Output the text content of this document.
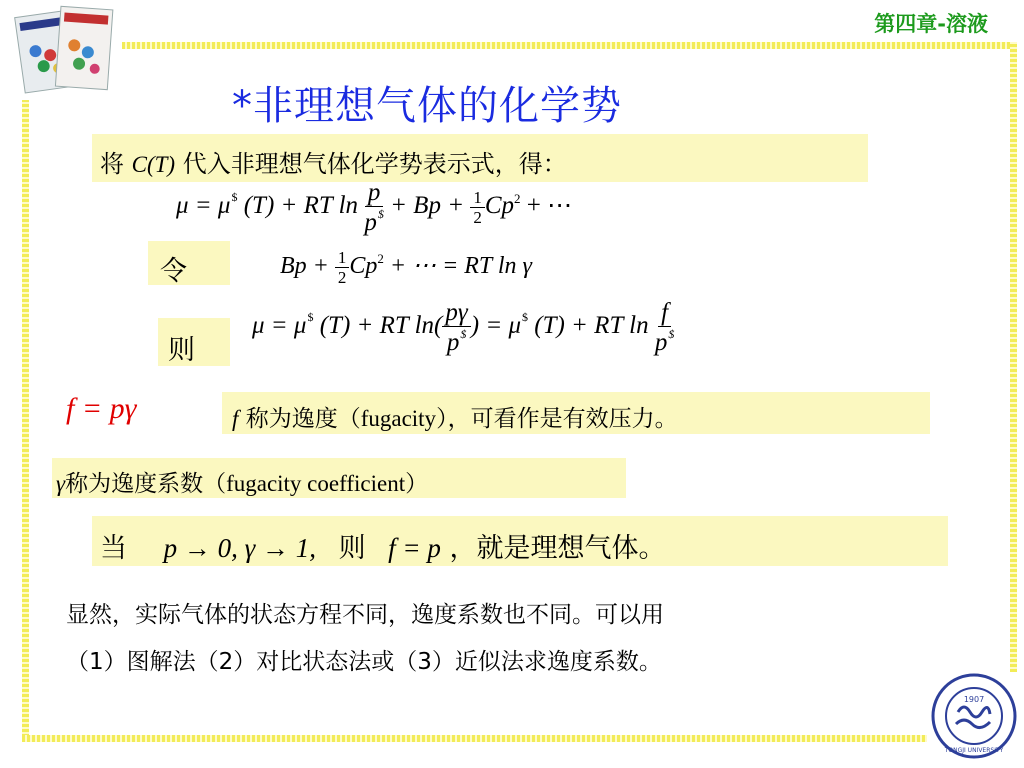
第四章-溶液
*非理想气体的化学势
将 C(T) 代入非理想气体化学势表示式，得：
μ = μ$ (T) + RT $\ln \frac{p}{p^{\$}} + Bp + \frac{1}{2} Cp^2$ + ⋯
令	$Bp + \frac{1}{2} Cp^2$ + ⋯ = RT ln γ
则
μ = μ$ (T) + RT $\ln( \frac{p\gamma}{p^{\$}}$ ) = μ$ (T) + RT $\ln \frac{f}{p^{\$}}$
f = pγ	f 称为逸度（fugacity），可看作是有效压力。
γ称为逸度系数（fugacity coefficient）
当 p → 0, γ → 1, 则 f = p ，就是理想气体。
显然，实际气体的状态方程不同，逸度系数也不同。可以用
（1）图解法（2）对比状态法或（3）近似法求逸度系数。
1907
TONGJI UNIVERSITY
